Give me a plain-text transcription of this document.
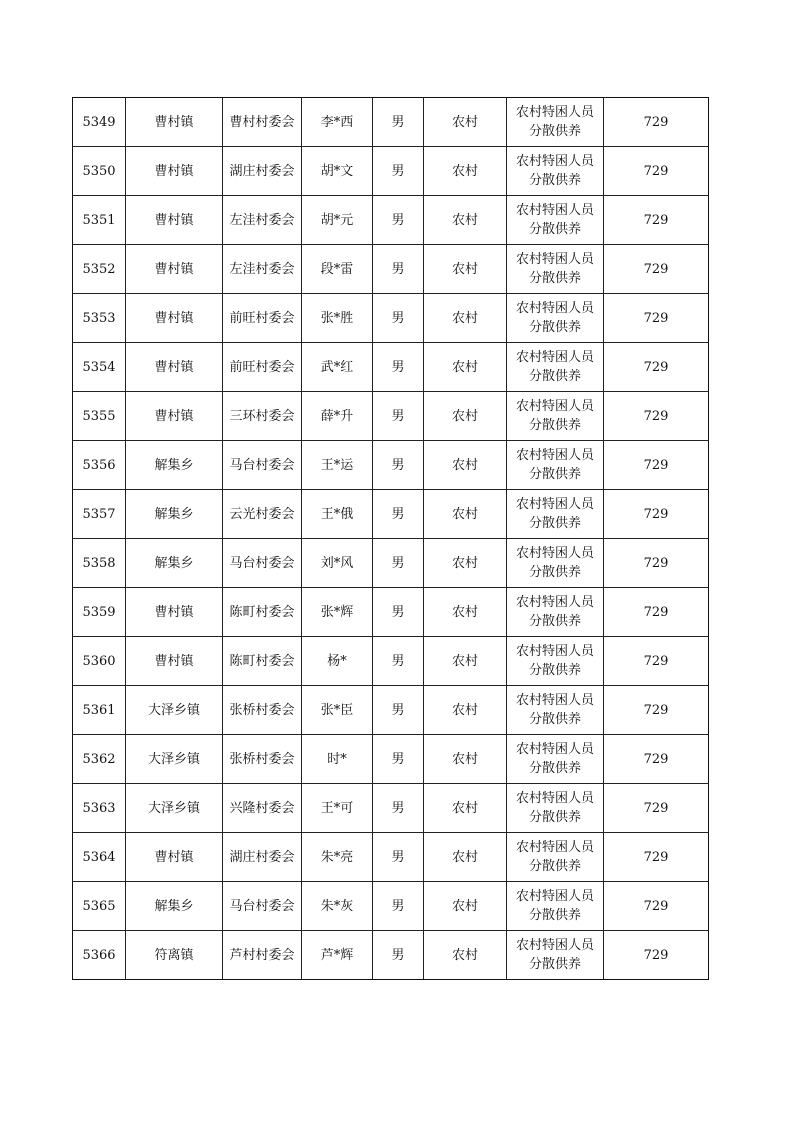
5349	曹村镇	曹村村委会	李*西	男	农村	农村特困人员分散供养	729
5350	曹村镇	湖庄村委会	胡*文	男	农村	农村特困人员分散供养	729
5351	曹村镇	左洼村委会	胡*元	男	农村	农村特困人员分散供养	729
5352	曹村镇	左洼村委会	段*雷	男	农村	农村特困人员分散供养	729
5353	曹村镇	前旺村委会	张*胜	男	农村	农村特困人员分散供养	729
5354	曹村镇	前旺村委会	武*红	男	农村	农村特困人员分散供养	729
5355	曹村镇	三环村委会	薛*升	男	农村	农村特困人员分散供养	729
5356	解集乡	马台村委会	王*运	男	农村	农村特困人员分散供养	729
5357	解集乡	云光村委会	王*俄	男	农村	农村特困人员分散供养	729
5358	解集乡	马台村委会	刘*风	男	农村	农村特困人员分散供养	729
5359	曹村镇	陈町村委会	张*辉	男	农村	农村特困人员分散供养	729
5360	曹村镇	陈町村委会	杨*	男	农村	农村特困人员分散供养	729
5361	大泽乡镇	张桥村委会	张*臣	男	农村	农村特困人员分散供养	729
5362	大泽乡镇	张桥村委会	时*	男	农村	农村特困人员分散供养	729
5363	大泽乡镇	兴隆村委会	王*可	男	农村	农村特困人员分散供养	729
5364	曹村镇	湖庄村委会	朱*亮	男	农村	农村特困人员分散供养	729
5365	解集乡	马台村委会	朱*灰	男	农村	农村特困人员分散供养	729
5366	符离镇	芦村村委会	芦*辉	男	农村	农村特困人员分散供养	729
